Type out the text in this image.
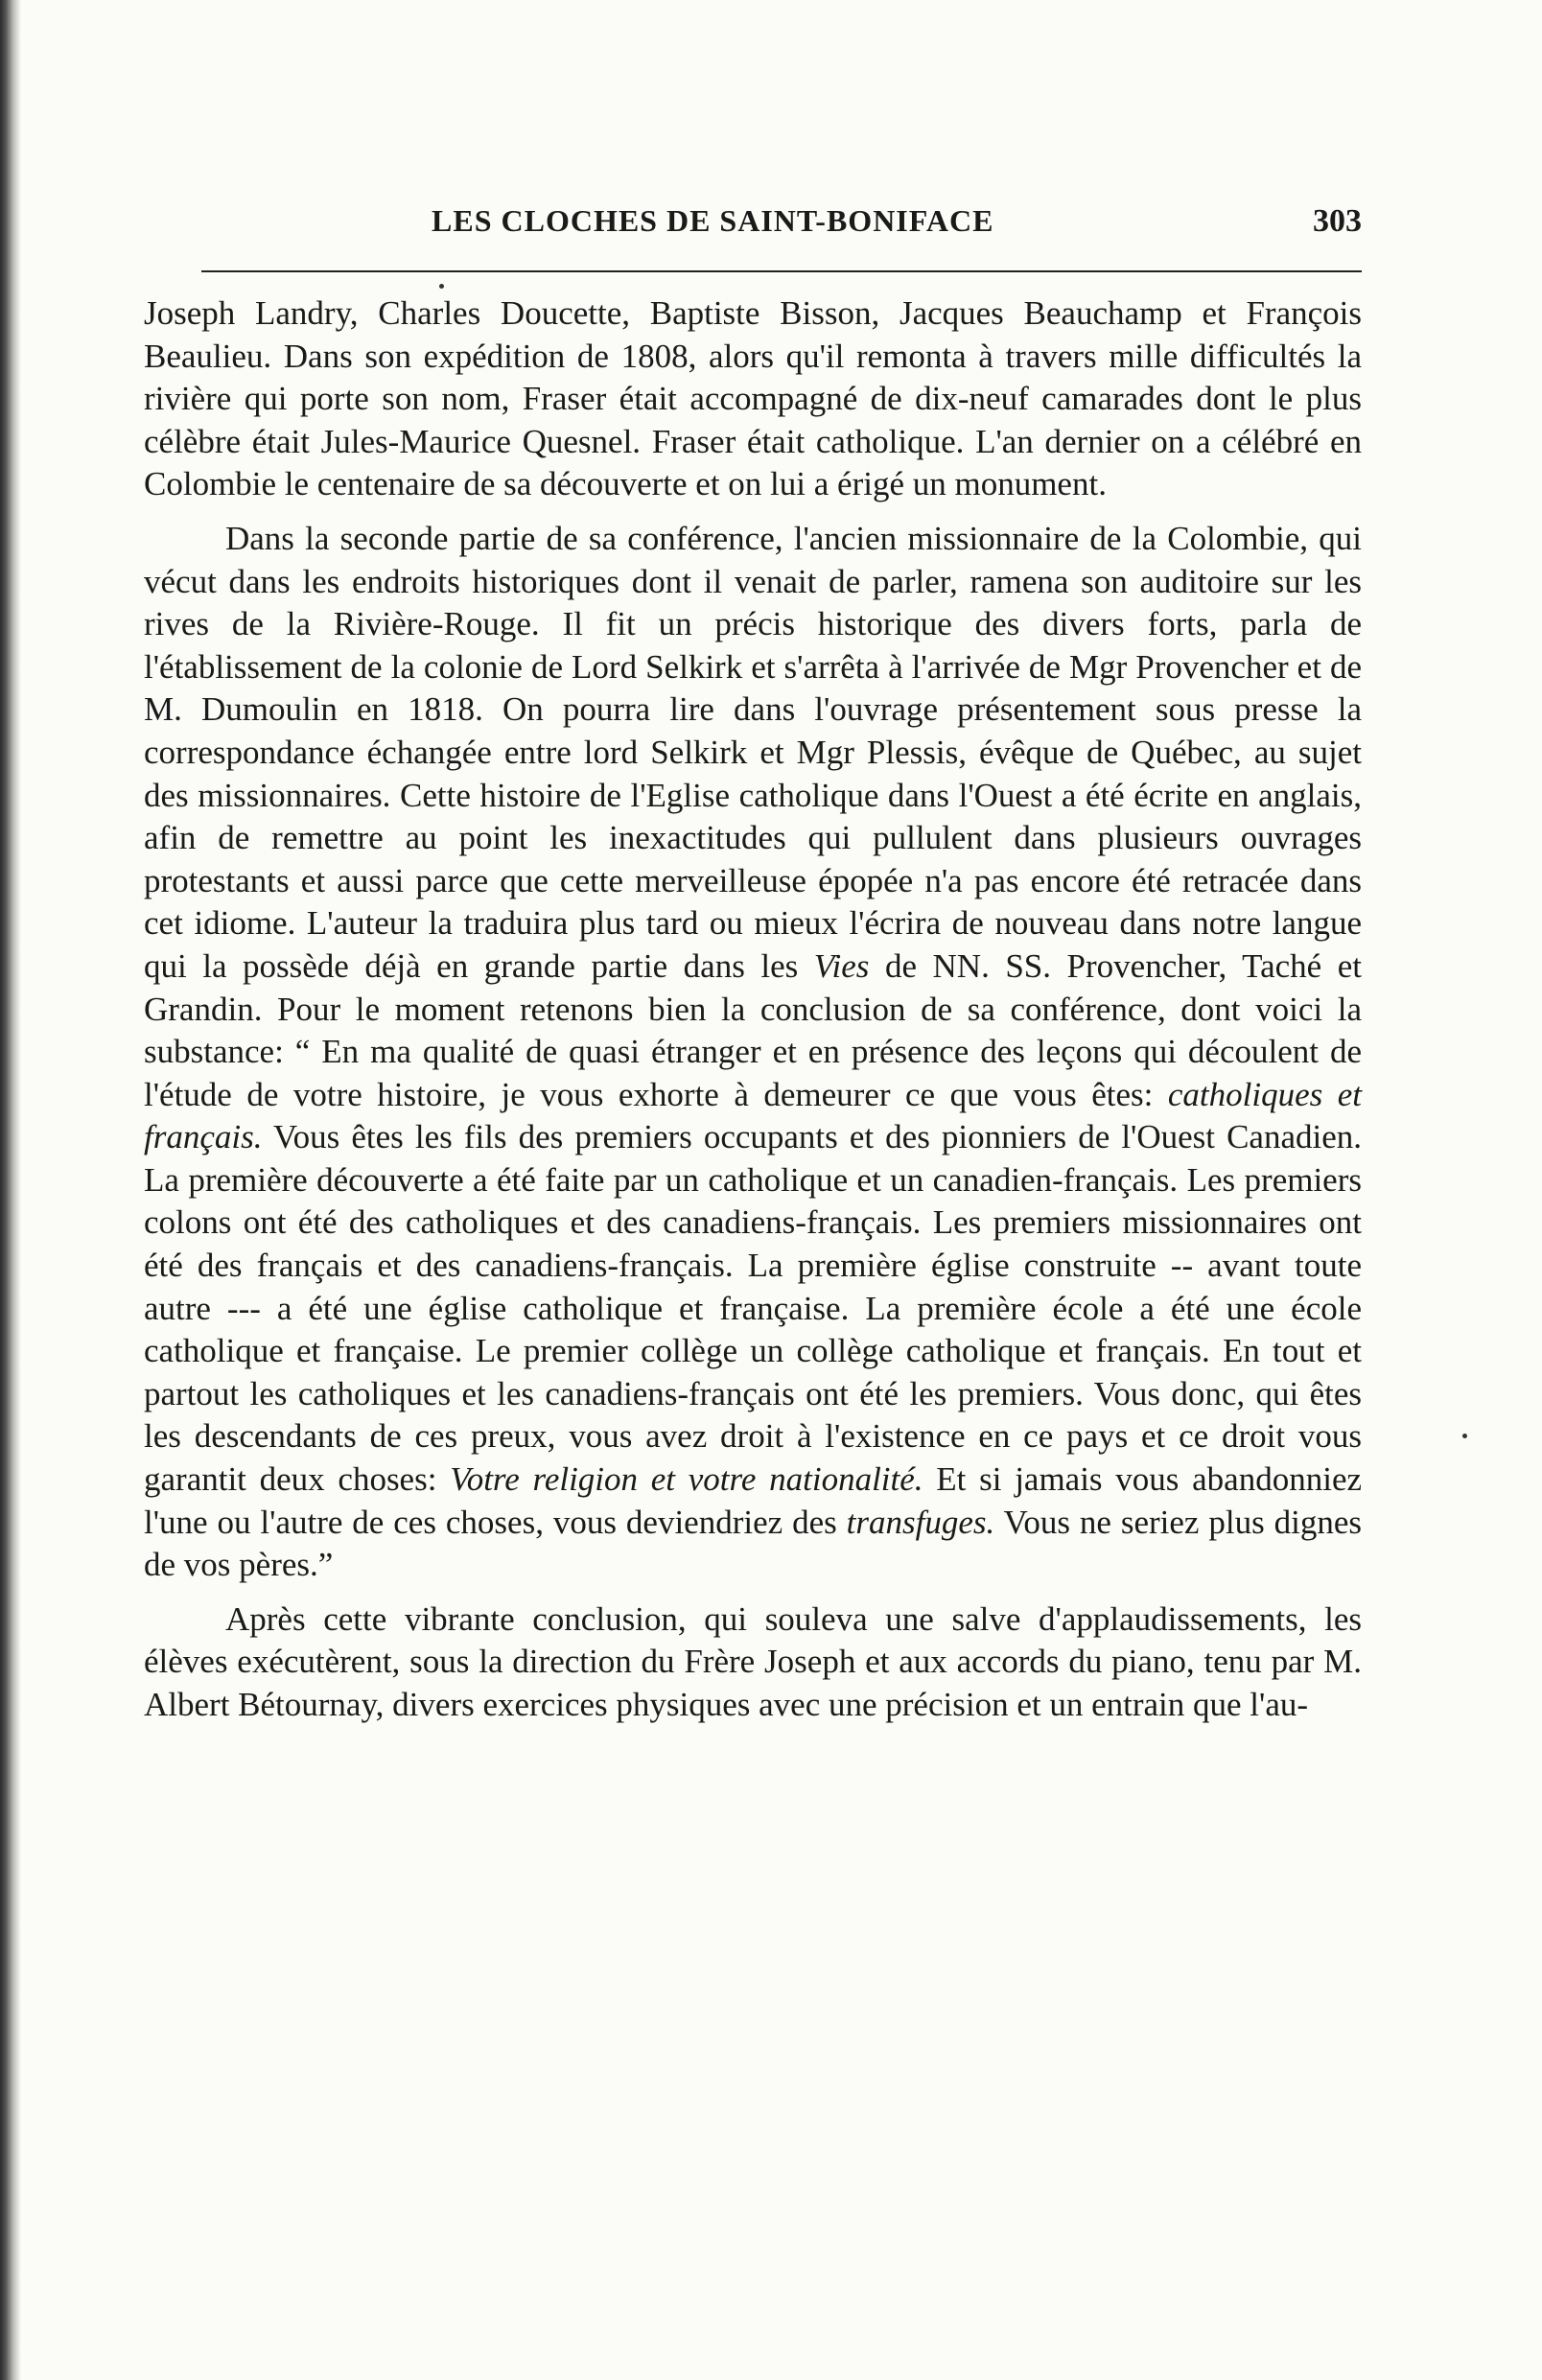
LES CLOCHES DE SAINT-BONIFACE	303

Joseph Landry, Charles Doucette, Baptiste Bisson, Jacques Beauchamp et François Beaulieu. Dans son expédition de 1808, alors qu'il remonta à travers mille difficultés la rivière qui porte son nom, Fraser était accompagné de dix-neuf camarades dont le plus célèbre était Jules-Maurice Quesnel. Fraser était catholique. L'an dernier on a célébré en Colombie le centenaire de sa découverte et on lui a érigé un monument.

Dans la seconde partie de sa conférence, l'ancien missionnaire de la Colombie, qui vécut dans les endroits historiques dont il venait de parler, ramena son auditoire sur les rives de la Rivière-Rouge. Il fit un précis historique des divers forts, parla de l'établissement de la colonie de Lord Selkirk et s'arrêta à l'arrivée de Mgr Provencher et de M. Dumoulin en 1818. On pourra lire dans l'ouvrage présentement sous presse la correspondance échangée entre lord Selkirk et Mgr Plessis, évêque de Québec, au sujet des missionnaires. Cette histoire de l'Eglise catholique dans l'Ouest a été écrite en anglais, afin de remettre au point les inexactitudes qui pullulent dans plusieurs ouvrages protestants et aussi parce que cette merveilleuse épopée n'a pas encore été retracée dans cet idiome. L'auteur la traduira plus tard ou mieux l'écrira de nouveau dans notre langue qui la possède déjà en grande partie dans les Vies de NN. SS. Provencher, Taché et Grandin. Pour le moment retenons bien la conclusion de sa conférence, dont voici la substance: “ En ma qualité de quasi étranger et en présence des leçons qui découlent de l'étude de votre histoire, je vous exhorte à demeurer ce que vous êtes: catholiques et français. Vous êtes les fils des premiers occupants et des pionniers de l'Ouest Canadien. La première découverte a été faite par un catholique et un canadien-français. Les premiers colons ont été des catholiques et des canadiens-français. Les premiers missionnaires ont été des français et des canadiens-français. La première église construite -- avant toute autre --- a été une église catholique et française. La première école a été une école catholique et française. Le premier collège un collège catholique et français. En tout et partout les catholiques et les canadiens-français ont été les premiers. Vous donc, qui êtes les descendants de ces preux, vous avez droit à l'existence en ce pays et ce droit vous garantit deux choses: Votre religion et votre nationalité. Et si jamais vous abandonniez l'une ou l'autre de ces choses, vous deviendriez des transfuges. Vous ne seriez plus dignes de vos pères.”

Après cette vibrante conclusion, qui souleva une salve d'applaudissements, les élèves exécutèrent, sous la direction du Frère Joseph et aux accords du piano, tenu par M. Albert Bétournay, divers exercices physiques avec une précision et un entrain que l'au-
